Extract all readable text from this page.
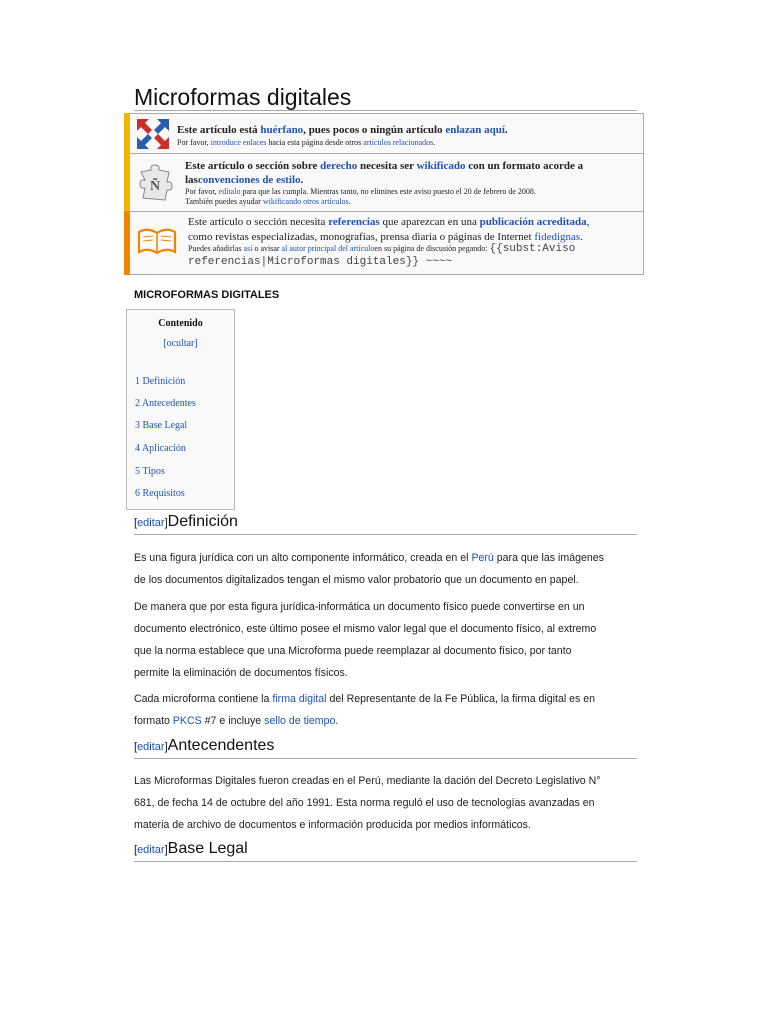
Microformas digitales
Este artículo está huérfano, pues pocos o ningún artículo enlazan aquí.
Por favor, introduce enlaces hacia esta página desde otros artículos relacionados.
Ñ
Este artículo o sección sobre derecho necesita ser wikificado con un formato acorde a lasconvenciones de estilo.
Por favor, edítalo para que las cumpla. Mientras tanto, no elimines este aviso puesto el 20 de febrero de 2008.
También puedes ayudar wikificando otros artículos.
Este artículo o sección necesita referencias que aparezcan en una publicación acreditada,
como revistas especializadas, monografías, prensa diaria o páginas de Internet fidedignas.
Puedes añadirlas así o avisar al autor principal del artículoen su página de discusión pegando: {{subst:Aviso
referencias|Microformas digitales}} ~~~~
MICROFORMAS DIGITALES
Contenido
[ocultar]
1 Definición
2 Antecedentes
3 Base Legal
4 Aplicación
5 Tipos
6 Requisitos
[editar]Definición
Es una figura jurídica con un alto componente informático, creada en el Perú para que las imágenes
de los documentos digitalizados tengan el mismo valor probatorio que un documento en papel.
De manera que por esta figura jurídica-informática un documento físico puede convertirse en un
documento electrónico, este último posee el mismo valor legal que el documento físico, al extremo
que la norma establece que una Microforma puede reemplazar al documento físico, por tanto
permite la eliminación de documentos físicos.
Cada microforma contiene la firma digital del Representante de la Fe Pública, la firma digital es en
formato PKCS #7 e incluye sello de tiempo.
[editar]Antecendentes
Las Microformas Digitales fueron creadas en el Perú, mediante la dación del Decreto Legislativo N°
681, de fecha 14 de octubre del año 1991. Esta norma reguló el uso de tecnologías avanzadas en
materia de archivo de documentos e información producida por medios informáticos.
[editar]Base Legal
